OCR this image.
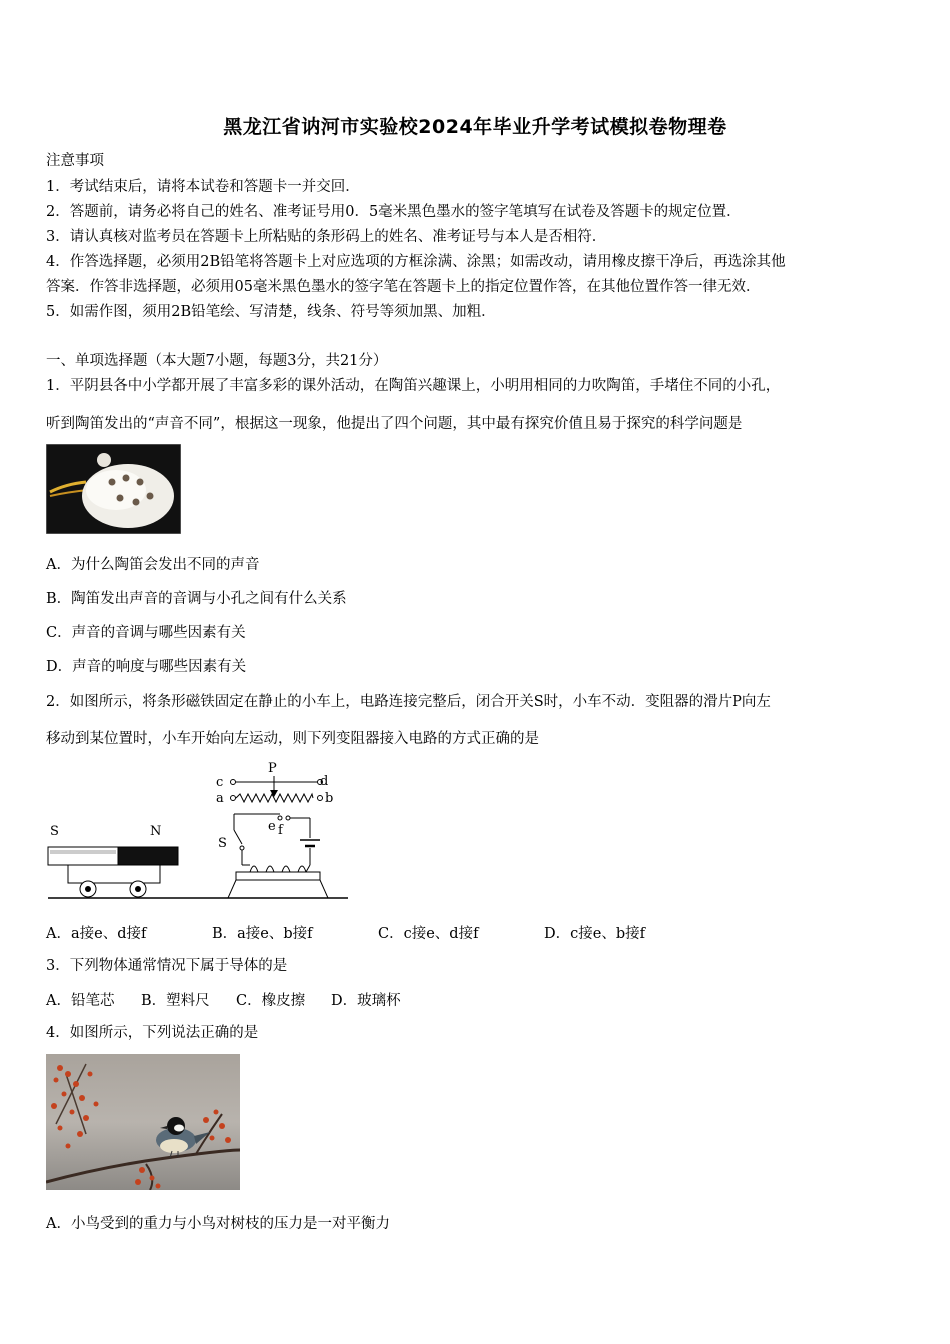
黑龙江省讷河市实验校2024年毕业升学考试模拟卷物理卷
注意事项
1．考试结束后，请将本试卷和答题卡一并交回．
2．答题前，请务必将自己的姓名、准考证号用0．5毫米黑色墨水的签字笔填写在试卷及答题卡的规定位置．
3．请认真核对监考员在答题卡上所粘贴的条形码上的姓名、准考证号与本人是否相符．
4．作答选择题，必须用2B铅笔将答题卡上对应选项的方框涂满、涂黑；如需改动，请用橡皮擦干净后，再选涂其他
答案．作答非选择题，必须用05毫米黑色墨水的签字笔在答题卡上的指定位置作答，在其他位置作答一律无效．
5．如需作图，须用2B铅笔绘、写清楚，线条、符号等须加黑、加粗．
一、单项选择题（本大题7小题，每题3分，共21分）
1．平阴县各中小学都开展了丰富多彩的课外活动，在陶笛兴趣课上，小明用相同的力吹陶笛，手堵住不同的小孔，
听到陶笛发出的“声音不同”，根据这一现象，他提出了四个问题，其中最有探究价值且易于探究的科学问题是
A．为什么陶笛会发出不同的声音
B．陶笛发出声音的音调与小孔之间有什么关系
C．声音的音调与哪些因素有关
D．声音的响度与哪些因素有关
2．如图所示，将条形磁铁固定在静止的小车上，电路连接完整后，闭合开关S时，小车不动．变阻器的滑片P向左
移动到某位置时，小车开始向左运动，则下列变阻器接入电路的方式正确的是
c	d
P
a	b
S	N
S
e f
A．a接e、d接f	B．a接e、b接f	C．c接e、d接f	D．c接e、b接f
3．下列物体通常情况下属于导体的是
A．铅笔芯 B．塑料尺 C．橡皮擦 D．玻璃杯
4．如图所示，下列说法正确的是
A．小鸟受到的重力与小鸟对树枝的压力是一对平衡力
